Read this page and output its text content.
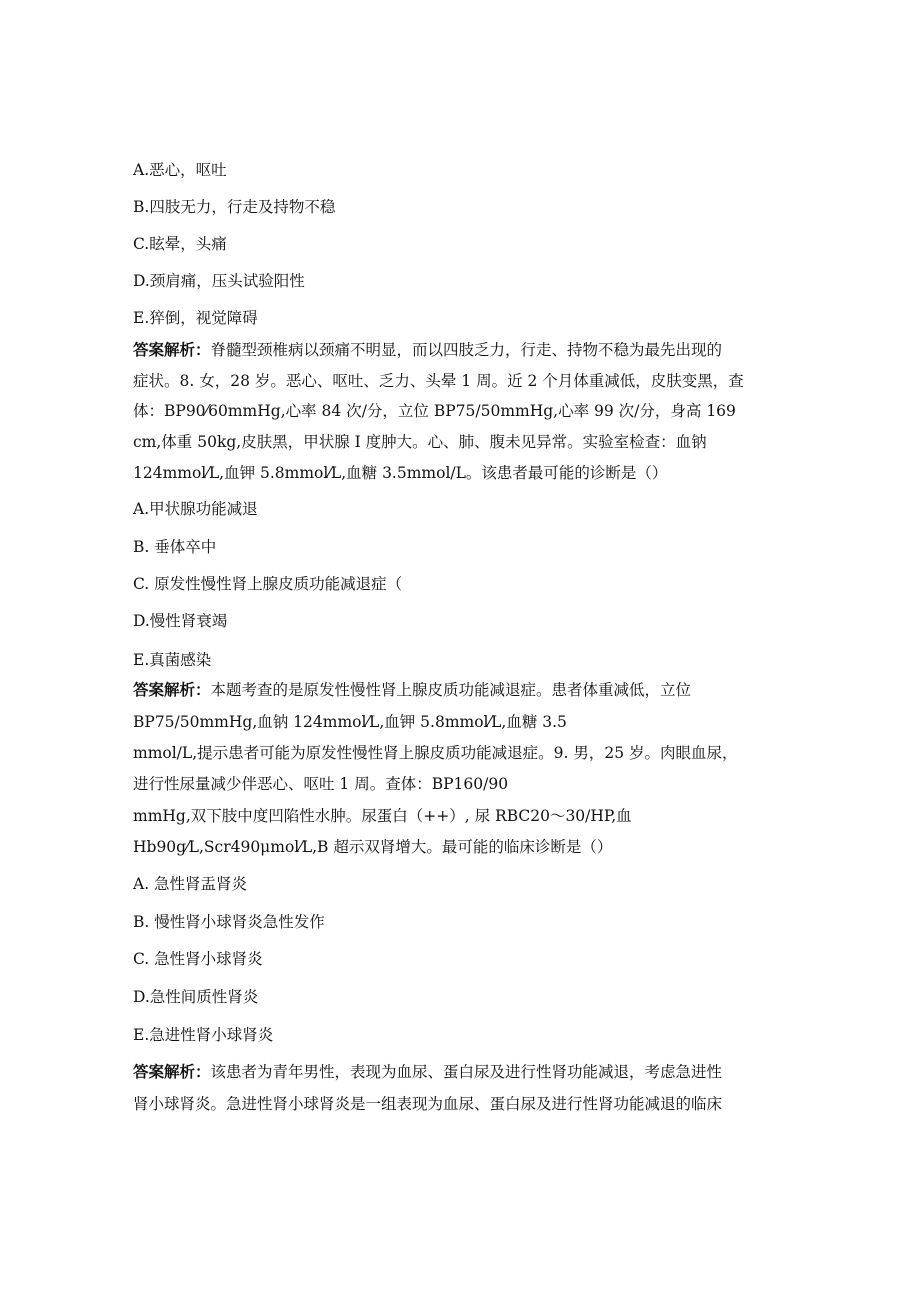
A.恶心，呕吐
B.四肢无力，行走及持物不稳
C.眩晕，头痛
D.颈肩痛，压头试验阳性
E.猝倒，视觉障碍
答案解析：脊髓型颈椎病以颈痛不明显，而以四肢乏力，行走、持物不稳为最先出现的
症状。8. 女，28 岁。恶心、呕吐、乏力、头晕 1 周。近 2 个月体重减低，皮肤变黑，查
体：BP90⁄60mmHg,心率 84 次/分，立位 BP75/50mmHg,心率 99 次/分，身高 169
cm,体重 50kg,皮肤黑，甲状腺 I 度肿大。心、肺、腹未见异常。实验室检查：血钠
124mmol⁄L,血钾 5.8mmol⁄L,血糖 3.5mmol/L。该患者最可能的诊断是（）
A.甲状腺功能减退
B. 垂体卒中
C. 原发性慢性肾上腺皮质功能减退症（
D.慢性肾衰竭
E.真菌感染
答案解析：本题考查的是原发性慢性肾上腺皮质功能减退症。患者体重减低，立位
BP75/50mmHg,血钠 124mmol⁄L,血钾 5.8mmol⁄L,血糖 3.5
mmol/L,提示患者可能为原发性慢性肾上腺皮质功能减退症。9. 男，25 岁。肉眼血尿，
进行性尿量减少伴恶心、呕吐 1 周。查体：BP160/90
mmHg,双下肢中度凹陷性水肿。尿蛋白（++）, 尿 RBC20～30/HP,血
Hb90g⁄L,Scr490μmol⁄L,B 超示双肾增大。最可能的临床诊断是（）
A. 急性肾盂肾炎
B. 慢性肾小球肾炎急性发作
C. 急性肾小球肾炎
D.急性间质性肾炎
E.急进性肾小球肾炎
答案解析：该患者为青年男性，表现为血尿、蛋白尿及进行性肾功能减退，考虑急进性
肾小球肾炎。急进性肾小球肾炎是一组表现为血尿、蛋白尿及进行性肾功能减退的临床
